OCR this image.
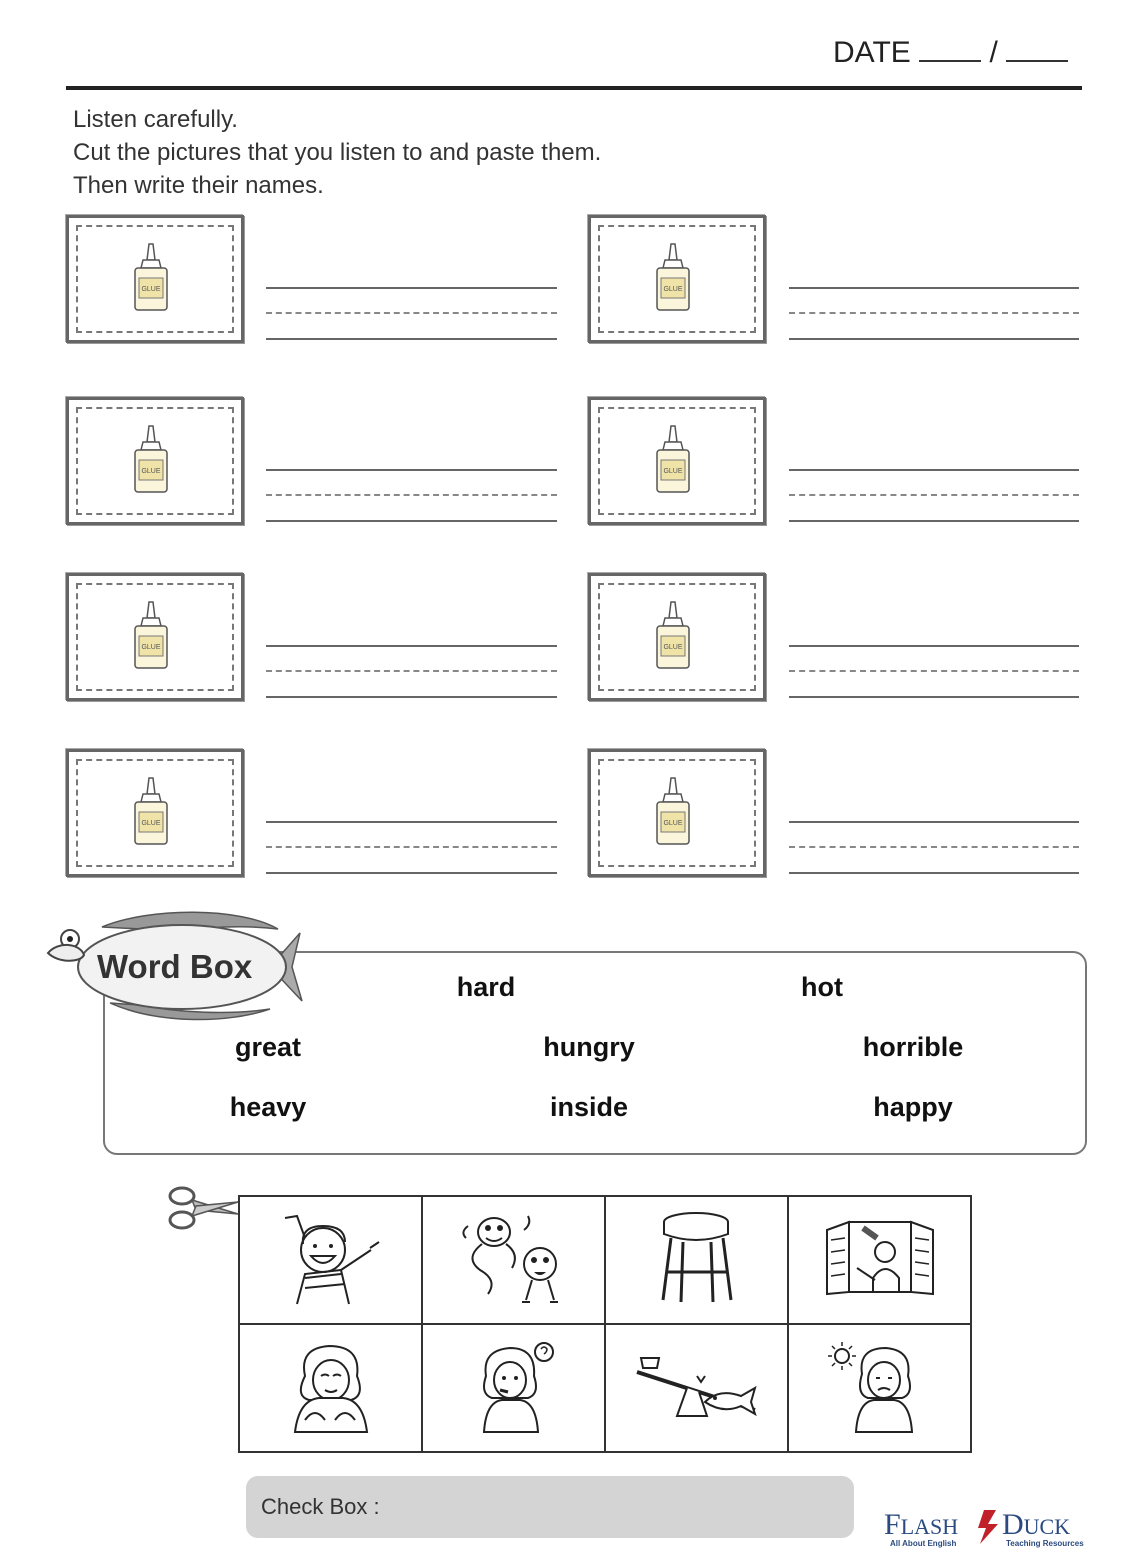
DATE	/
Listen carefully.
Cut the pictures that you listen to and paste them.
Then write their names.
GLUE	GLUE
GLUE	GLUE
GLUE	GLUE
GLUE	GLUE
Word Box
hard	hot
great	hungry	horrible
heavy	inside	happy

Check Box :
FLASH DUCK
All About English	Teaching Resources
